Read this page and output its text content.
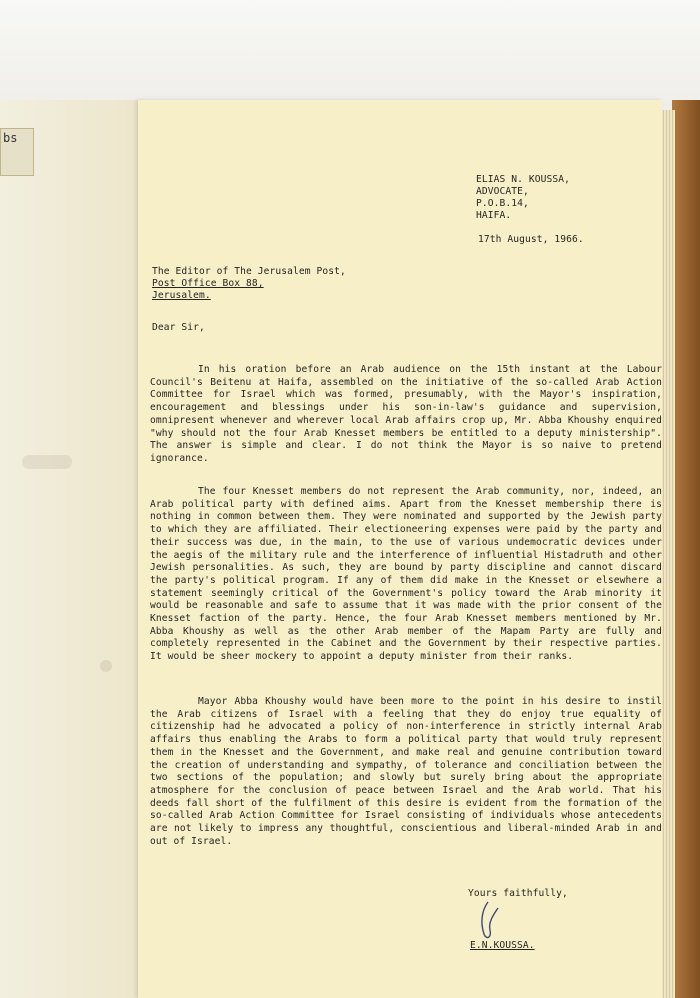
bs
ELIAS N. KOUSSA,
ADVOCATE,
P.O.B.14,
HAIFA.
17th August, 1966.
The Editor of The Jerusalem Post,
Post Office Box 88,
Jerusalem.
Dear Sir,
In his oration before an Arab audience on the 15th instant at the Labour Council's Beitenu at Haifa, assembled on the initiative of the so-called Arab Action Committee for Israel which was formed, presumably, with the Mayor's inspiration, encouragement and blessings under his son-in-law's guidance and supervision, omnipresent whenever and wherever local Arab affairs crop up, Mr. Abba Khoushy enquired "why should not the four Arab Knesset members be entitled to a deputy ministership". The answer is simple and clear. I do not think the Mayor is so naive to pretend ignorance.
The four Knesset members do not represent the Arab community, nor, indeed, an Arab political party with defined aims. Apart from the Knesset membership there is nothing in common between them. They were nominated and supported by the Jewish party to which they are affiliated. Their electioneering expenses were paid by the party and their success was due, in the main, to the use of various undemocratic devices under the aegis of the military rule and the interference of influential Histadruth and other Jewish personalities. As such, they are bound by party discipline and cannot discard the party's political program. If any of them did make in the Knesset or elsewhere a statement seemingly critical of the Government's policy toward the Arab minority it would be reasonable and safe to assume that it was made with the prior consent of the Knesset faction of the party. Hence, the four Arab Knesset members mentioned by Mr. Abba Khoushy as well as the other Arab member of the Mapam Party are fully and completely represented in the Cabinet and the Government by their respective parties. It would be sheer mockery to appoint a deputy minister from their ranks.
Mayor Abba Khoushy would have been more to the point in his desire to instil the Arab citizens of Israel with a feeling that they do enjoy true equality of citizenship had he advocated a policy of non-interference in strictly internal Arab affairs thus enabling the Arabs to form a political party that would truly represent them in the Knesset and the Government, and make real and genuine contribution toward the creation of understanding and sympathy, of tolerance and conciliation between the two sections of the population; and slowly but surely bring about the appropriate atmosphere for the conclusion of peace between Israel and the Arab world. That his deeds fall short of the fulfilment of this desire is evident from the formation of the so-called Arab Action Committee for Israel consisting of individuals whose antecedents are not likely to impress any thoughtful, conscientious and liberal-minded Arab in and out of Israel.
Yours faithfully,
E.N.KOUSSA.
